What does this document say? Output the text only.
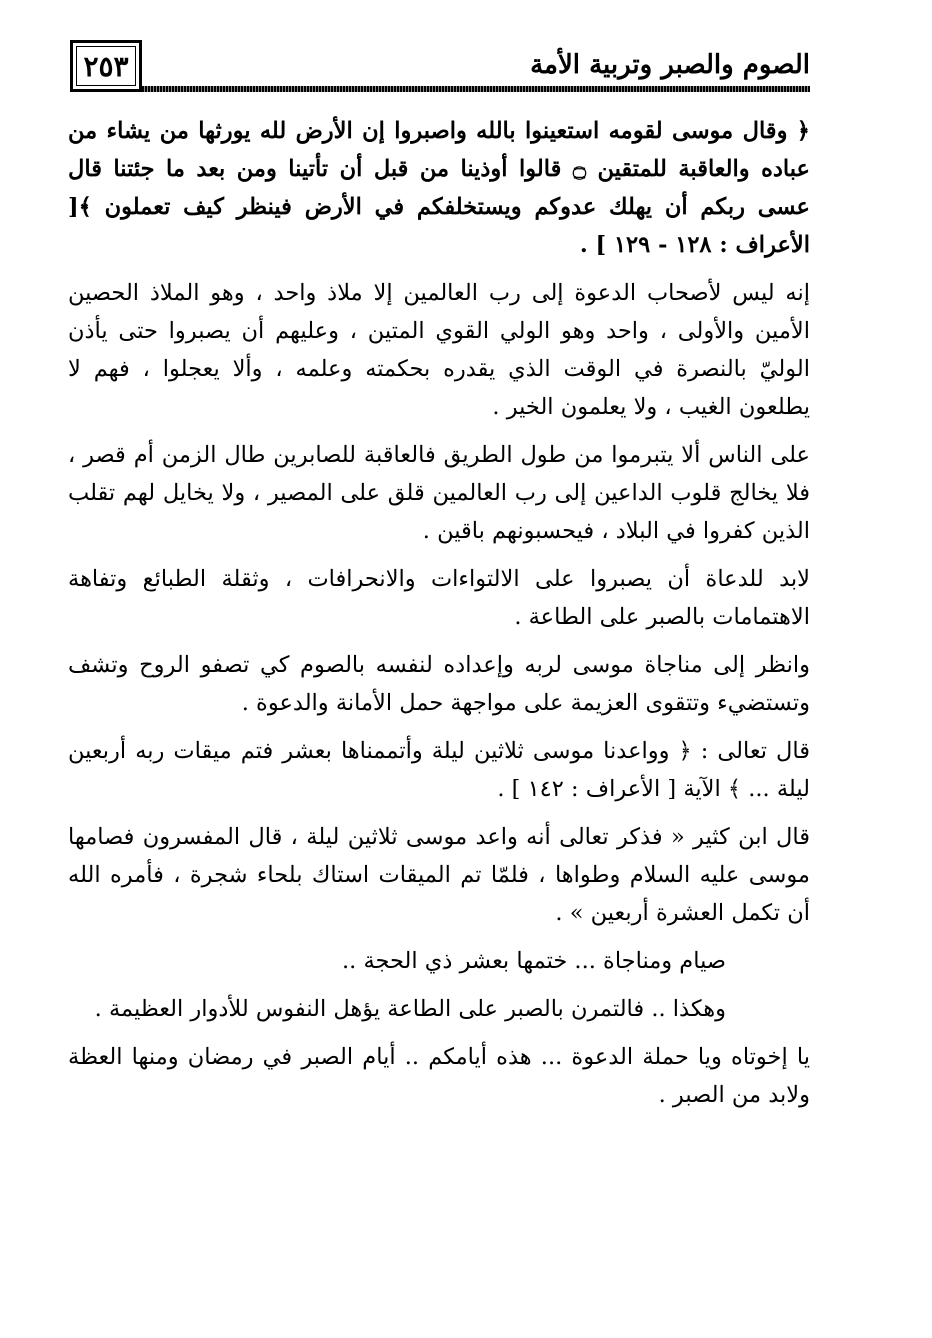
٢٥٣	الصوم والصبر وتربية الأمة

﴿ وقال موسى لقومه استعينوا بالله واصبروا إن الأرض لله يورثها من يشاء من عباده والعاقبة للمتقين ۝ قالوا أوذينا من قبل أن تأتينا ومن بعد ما جئتنا قال عسى ربكم أن يهلك عدوكم ويستخلفكم في الأرض فينظر كيف تعملون ﴾[ الأعراف : ١٢٨ - ١٢٩ ] .

إنه ليس لأصحاب الدعوة إلى رب العالمين إلا ملاذ واحد ، وهو الملاذ الحصين الأمين والأولى ، واحد وهو الولي القوي المتين ، وعليهم أن يصبروا حتى يأذن الوليّ بالنصرة في الوقت الذي يقدره بحكمته وعلمه ، وألا يعجلوا ، فهم لا يطلعون الغيب ، ولا يعلمون الخير .

على الناس ألا يتبرموا من طول الطريق فالعاقبة للصابرين طال الزمن أم قصر ، فلا يخالج قلوب الداعين إلى رب العالمين قلق على المصير ، ولا يخايل لهم تقلب الذين كفروا في البلاد ، فيحسبونهم باقين .

لابد للدعاة أن يصبروا على الالتواءات والانحرافات ، وثقلة الطبائع وتفاهة الاهتمامات بالصبر على الطاعة .

وانظر إلى مناجاة موسى لربه وإعداده لنفسه بالصوم كي تصفو الروح وتشف وتستضيء وتتقوى العزيمة على مواجهة حمل الأمانة والدعوة .

قال تعالى : ﴿ وواعدنا موسى ثلاثين ليلة وأتممناها بعشر فتم ميقات ربه أربعين ليلة ... ﴾ الآية [ الأعراف : ١٤٢ ] .

قال ابن كثير « فذكر تعالى أنه واعد موسى ثلاثين ليلة ، قال المفسرون فصامها موسى عليه السلام وطواها ، فلمّا تم الميقات استاك بلحاء شجرة ، فأمره الله أن تكمل العشرة أربعين » .

صيام ومناجاة ... ختمها بعشر ذي الحجة ..

وهكذا .. فالتمرن بالصبر على الطاعة يؤهل النفوس للأدوار العظيمة .

يا إخوتاه ويا حملة الدعوة ... هذه أيامكم .. أيام الصبر في رمضان ومنها العظة ولابد من الصبر .
